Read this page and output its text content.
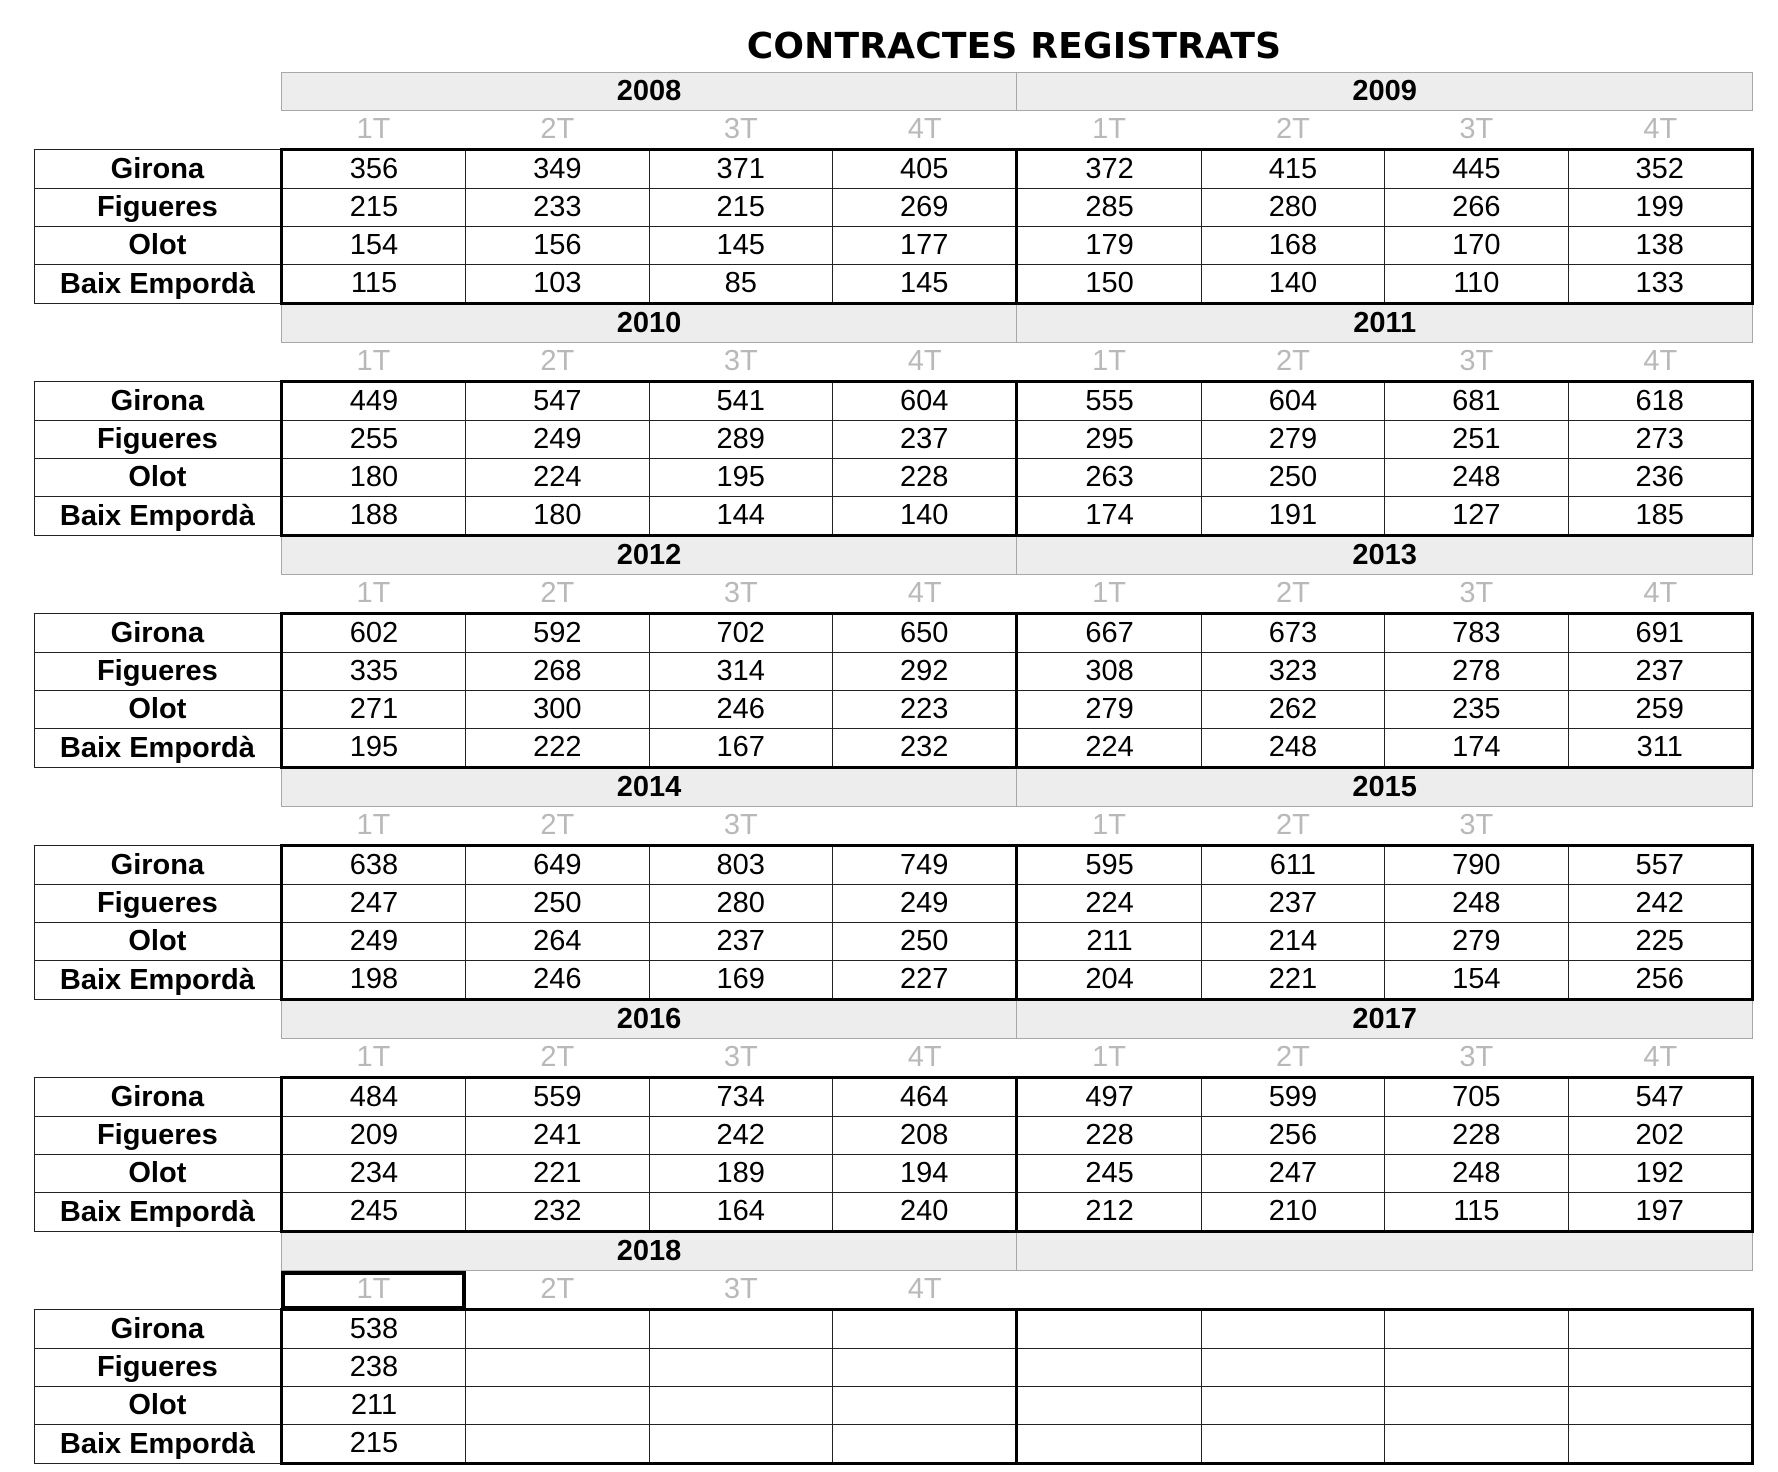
CONTRACTES REGISTRATS
	2008				2009			
	1T	2T	3T	4T	1T	2T	3T	4T
Girona	356	349	371	405	372	415	445	352
Figueres	215	233	215	269	285	280	266	199
Olot	154	156	145	177	179	168	170	138
Baix Empordà	115	103	85	145	150	140	110	133
	2010				2011			
	1T	2T	3T	4T	1T	2T	3T	4T
Girona	449	547	541	604	555	604	681	618
Figueres	255	249	289	237	295	279	251	273
Olot	180	224	195	228	263	250	248	236
Baix Empordà	188	180	144	140	174	191	127	185
	2012				2013			
	1T	2T	3T	4T	1T	2T	3T	4T
Girona	602	592	702	650	667	673	783	691
Figueres	335	268	314	292	308	323	278	237
Olot	271	300	246	223	279	262	235	259
Baix Empordà	195	222	167	232	224	248	174	311
	2014				2015			
	1T	2T	3T		1T	2T	3T	
Girona	638	649	803	749	595	611	790	557
Figueres	247	250	280	249	224	237	248	242
Olot	249	264	237	250	211	214	279	225
Baix Empordà	198	246	169	227	204	221	154	256
	2016				2017			
	1T	2T	3T	4T	1T	2T	3T	4T
Girona	484	559	734	464	497	599	705	547
Figueres	209	241	242	208	228	256	228	202
Olot	234	221	189	194	245	247	248	192
Baix Empordà	245	232	164	240	212	210	115	197
	2018							
	1T	2T	3T	4T				
Girona	538							
Figueres	238							
Olot	211							
Baix Empordà	215							
